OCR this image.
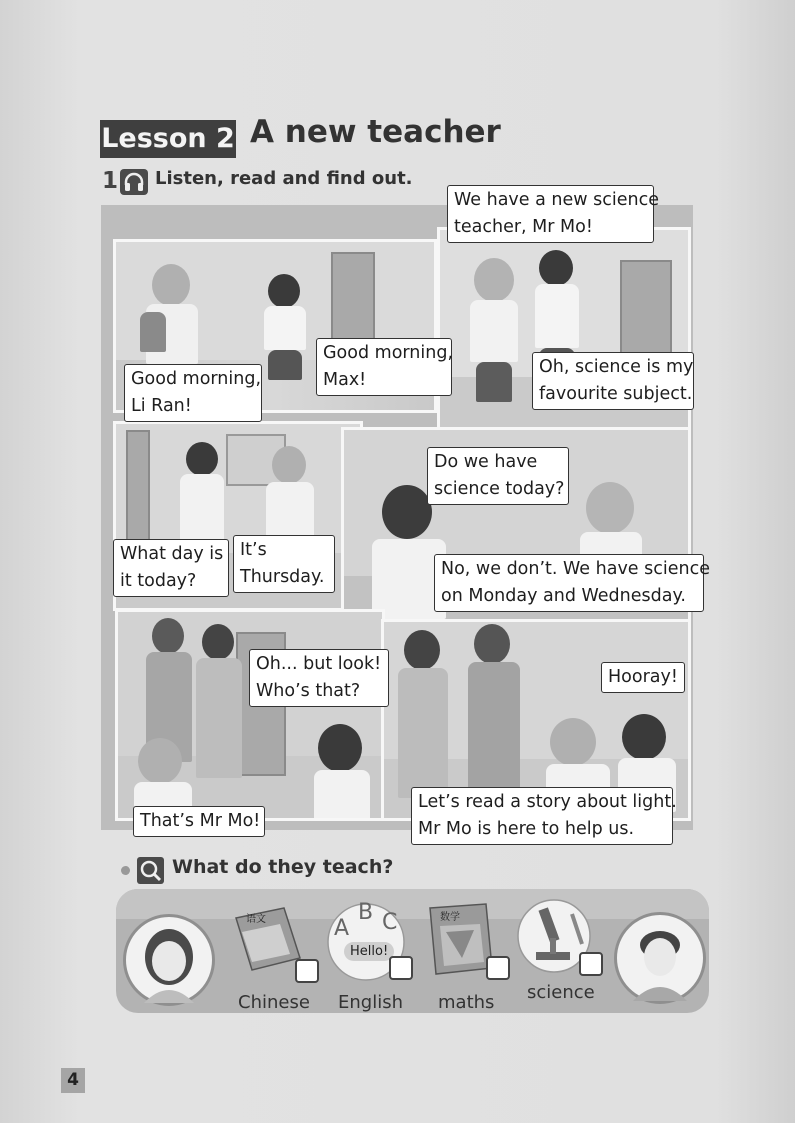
Lesson 2 A new teacher
1 Listen, read and find out.
We have a new science
teacher, Mr Mo!
Good morning,
Li Ran!
Good morning,
Max!
Oh, science is my
favourite subject.
Do we have
science today?
What day is
it today?
It’s
Thursday.	No, we don’t. We have science
on Monday and Wednesday.
Oh... but look!
Who’s that?
Hooray!
That’s Mr Mo!
Let’s read a story about light.
Mr Mo is here to help us.
What do they teach?
语文
Chinese
A
B C
Hello!
English
数学
maths science
4
